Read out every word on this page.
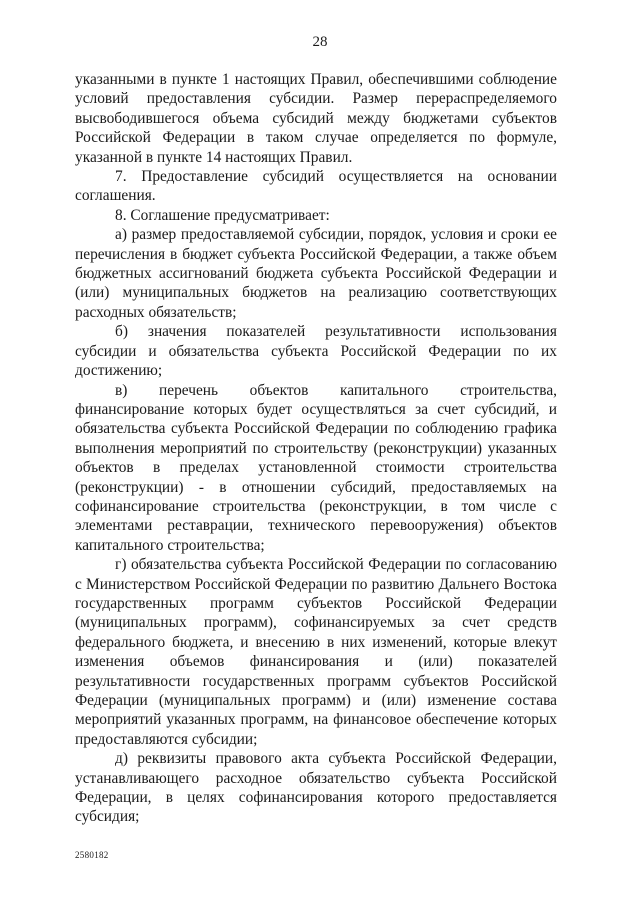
28

указанными в пункте 1 настоящих Правил, обеспечившими соблюдение условий предоставления субсидии. Размер перераспределяемого высвободившегося объема субсидий между бюджетами субъектов Российской Федерации в таком случае определяется по формуле, указанной в пункте 14 настоящих Правил.

7. Предоставление субсидий осуществляется на основании соглашения.

8. Соглашение предусматривает:

а) размер предоставляемой субсидии, порядок, условия и сроки ее перечисления в бюджет субъекта Российской Федерации, а также объем бюджетных ассигнований бюджета субъекта Российской Федерации и (или) муниципальных бюджетов на реализацию соответствующих расходных обязательств;

б) значения показателей результативности использования субсидии и обязательства субъекта Российской Федерации по их достижению;

в) перечень объектов капитального строительства, финансирование которых будет осуществляться за счет субсидий, и обязательства субъекта Российской Федерации по соблюдению графика выполнения мероприятий по строительству (реконструкции) указанных объектов в пределах установленной стоимости строительства (реконструкции) - в отношении субсидий, предоставляемых на софинансирование строительства (реконструкции, в том числе с элементами реставрации, технического перевооружения) объектов капитального строительства;

г) обязательства субъекта Российской Федерации по согласованию с Министерством Российской Федерации по развитию Дальнего Востока государственных программ субъектов Российской Федерации (муниципальных программ), софинансируемых за счет средств федерального бюджета, и внесению в них изменений, которые влекут изменения объемов финансирования и (или) показателей результативности государственных программ субъектов Российской Федерации (муниципальных программ) и (или) изменение состава мероприятий указанных программ, на финансовое обеспечение которых предоставляются субсидии;

д) реквизиты правового акта субъекта Российской Федерации, устанавливающего расходное обязательство субъекта Российской Федерации, в целях софинансирования которого предоставляется субсидия;

2580182
